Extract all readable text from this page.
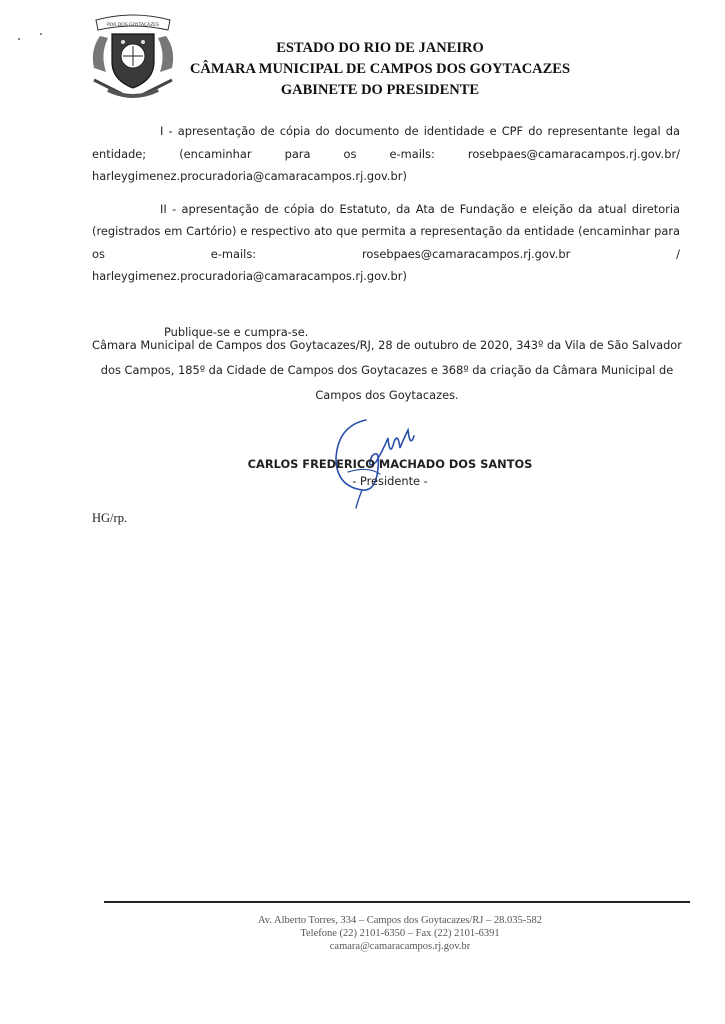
POR DOS GOYTACAZES
ESTADO DO RIO DE JANEIRO
CÂMARA MUNICIPAL DE CAMPOS DOS GOYTACAZES
GABINETE DO PRESIDENTE

I - apresentação de cópia do documento de identidade e CPF do representante legal da entidade; (encaminhar para os e-mails: rosebpaes@camaracampos.rj.gov.br/ harleygimenez.procuradoria@camaracampos.rj.gov.br)

II - apresentação de cópia do Estatuto, da Ata de Fundação e eleição da atual diretoria (registrados em Cartório) e respectivo ato que permita a representação da entidade (encaminhar para os e-mails: rosebpaes@camaracampos.rj.gov.br / harleygimenez.procuradoria@camaracampos.rj.gov.br)

Publique-se e cumpra-se.

Câmara Municipal de Campos dos Goytacazes/RJ, 28 de outubro de 2020, 343º da Vila de São Salvador dos Campos, 185º da Cidade de Campos dos Goytacazes e 368º da criação da Câmara Municipal de Campos dos Goytacazes.
CARLOS FREDERICO MACHADO DOS SANTOS
- Presidente -
HG/rp.
Av. Alberto Torres, 334 – Campos dos Goytacazes/RJ – 28.035-582
Telefone (22) 2101-6350 – Fax (22) 2101-6391
camara@camaracampos.rj.gov.br
